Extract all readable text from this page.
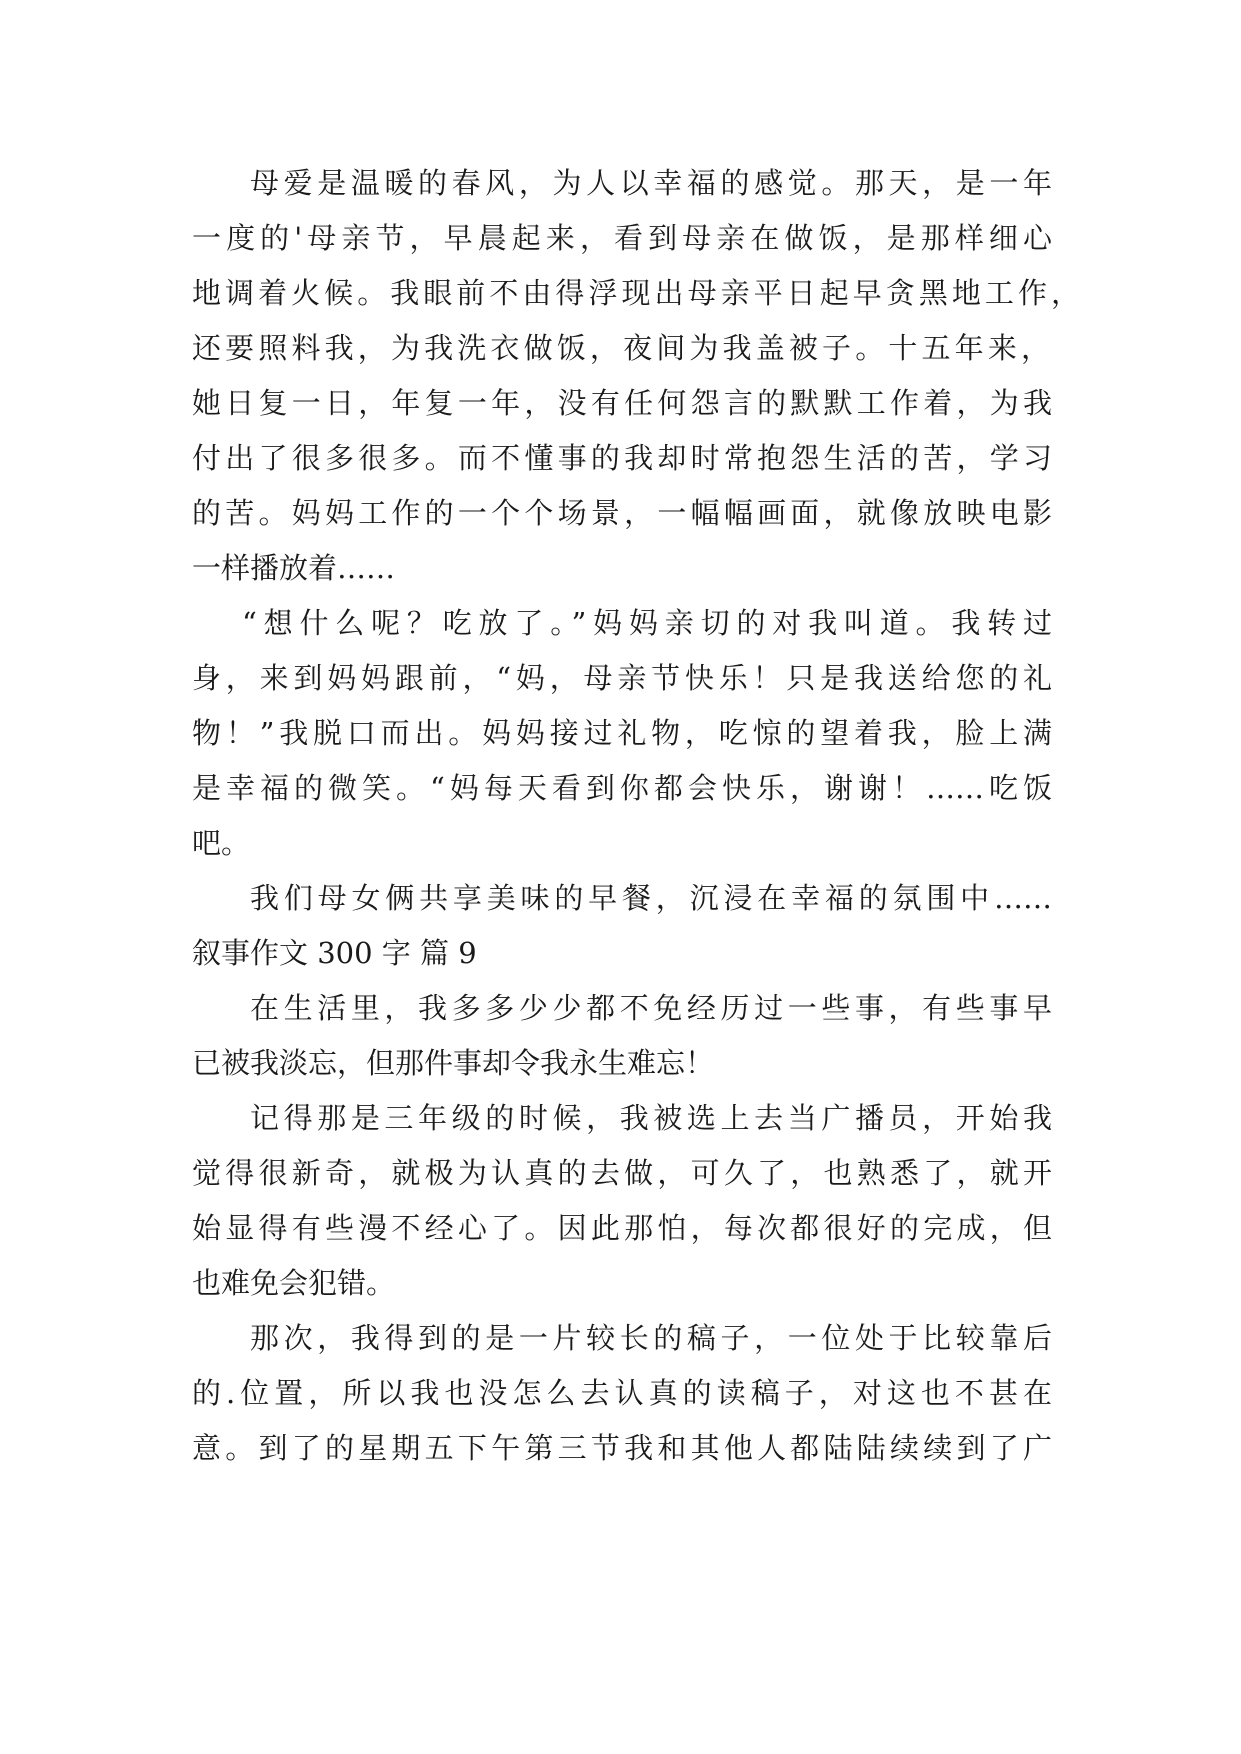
母爱是温暖的春风，为人以幸福的感觉。那天，是一年
一度的'母亲节，早晨起来，看到母亲在做饭，是那样细心
地调着火候。我眼前不由得浮现出母亲平日起早贪黑地工作，
还要照料我，为我洗衣做饭，夜间为我盖被子。十五年来，
她日复一日，年复一年，没有任何怨言的默默工作着，为我
付出了很多很多。而不懂事的我却时常抱怨生活的苦，学习
的苦。妈妈工作的一个个场景，一幅幅画面，就像放映电影
一样播放着……
“想什么呢？吃放了。”妈妈亲切的对我叫道。我转过
身，来到妈妈跟前，“妈，母亲节快乐！只是我送给您的礼
物！”我脱口而出。妈妈接过礼物，吃惊的望着我，脸上满
是幸福的微笑。“妈每天看到你都会快乐，谢谢！……吃饭
吧。
我们母女俩共享美味的早餐，沉浸在幸福的氛围中……
叙事作文 300 字 篇 9
在生活里，我多多少少都不免经历过一些事，有些事早
已被我淡忘，但那件事却令我永生难忘！
记得那是三年级的时候，我被选上去当广播员，开始我
觉得很新奇，就极为认真的去做，可久了，也熟悉了，就开
始显得有些漫不经心了。因此那怕，每次都很好的完成，但
也难免会犯错。
那次，我得到的是一片较长的稿子，一位处于比较靠后
的.位置，所以我也没怎么去认真的读稿子，对这也不甚在
意。到了的星期五下午第三节我和其他人都陆陆续续到了广
